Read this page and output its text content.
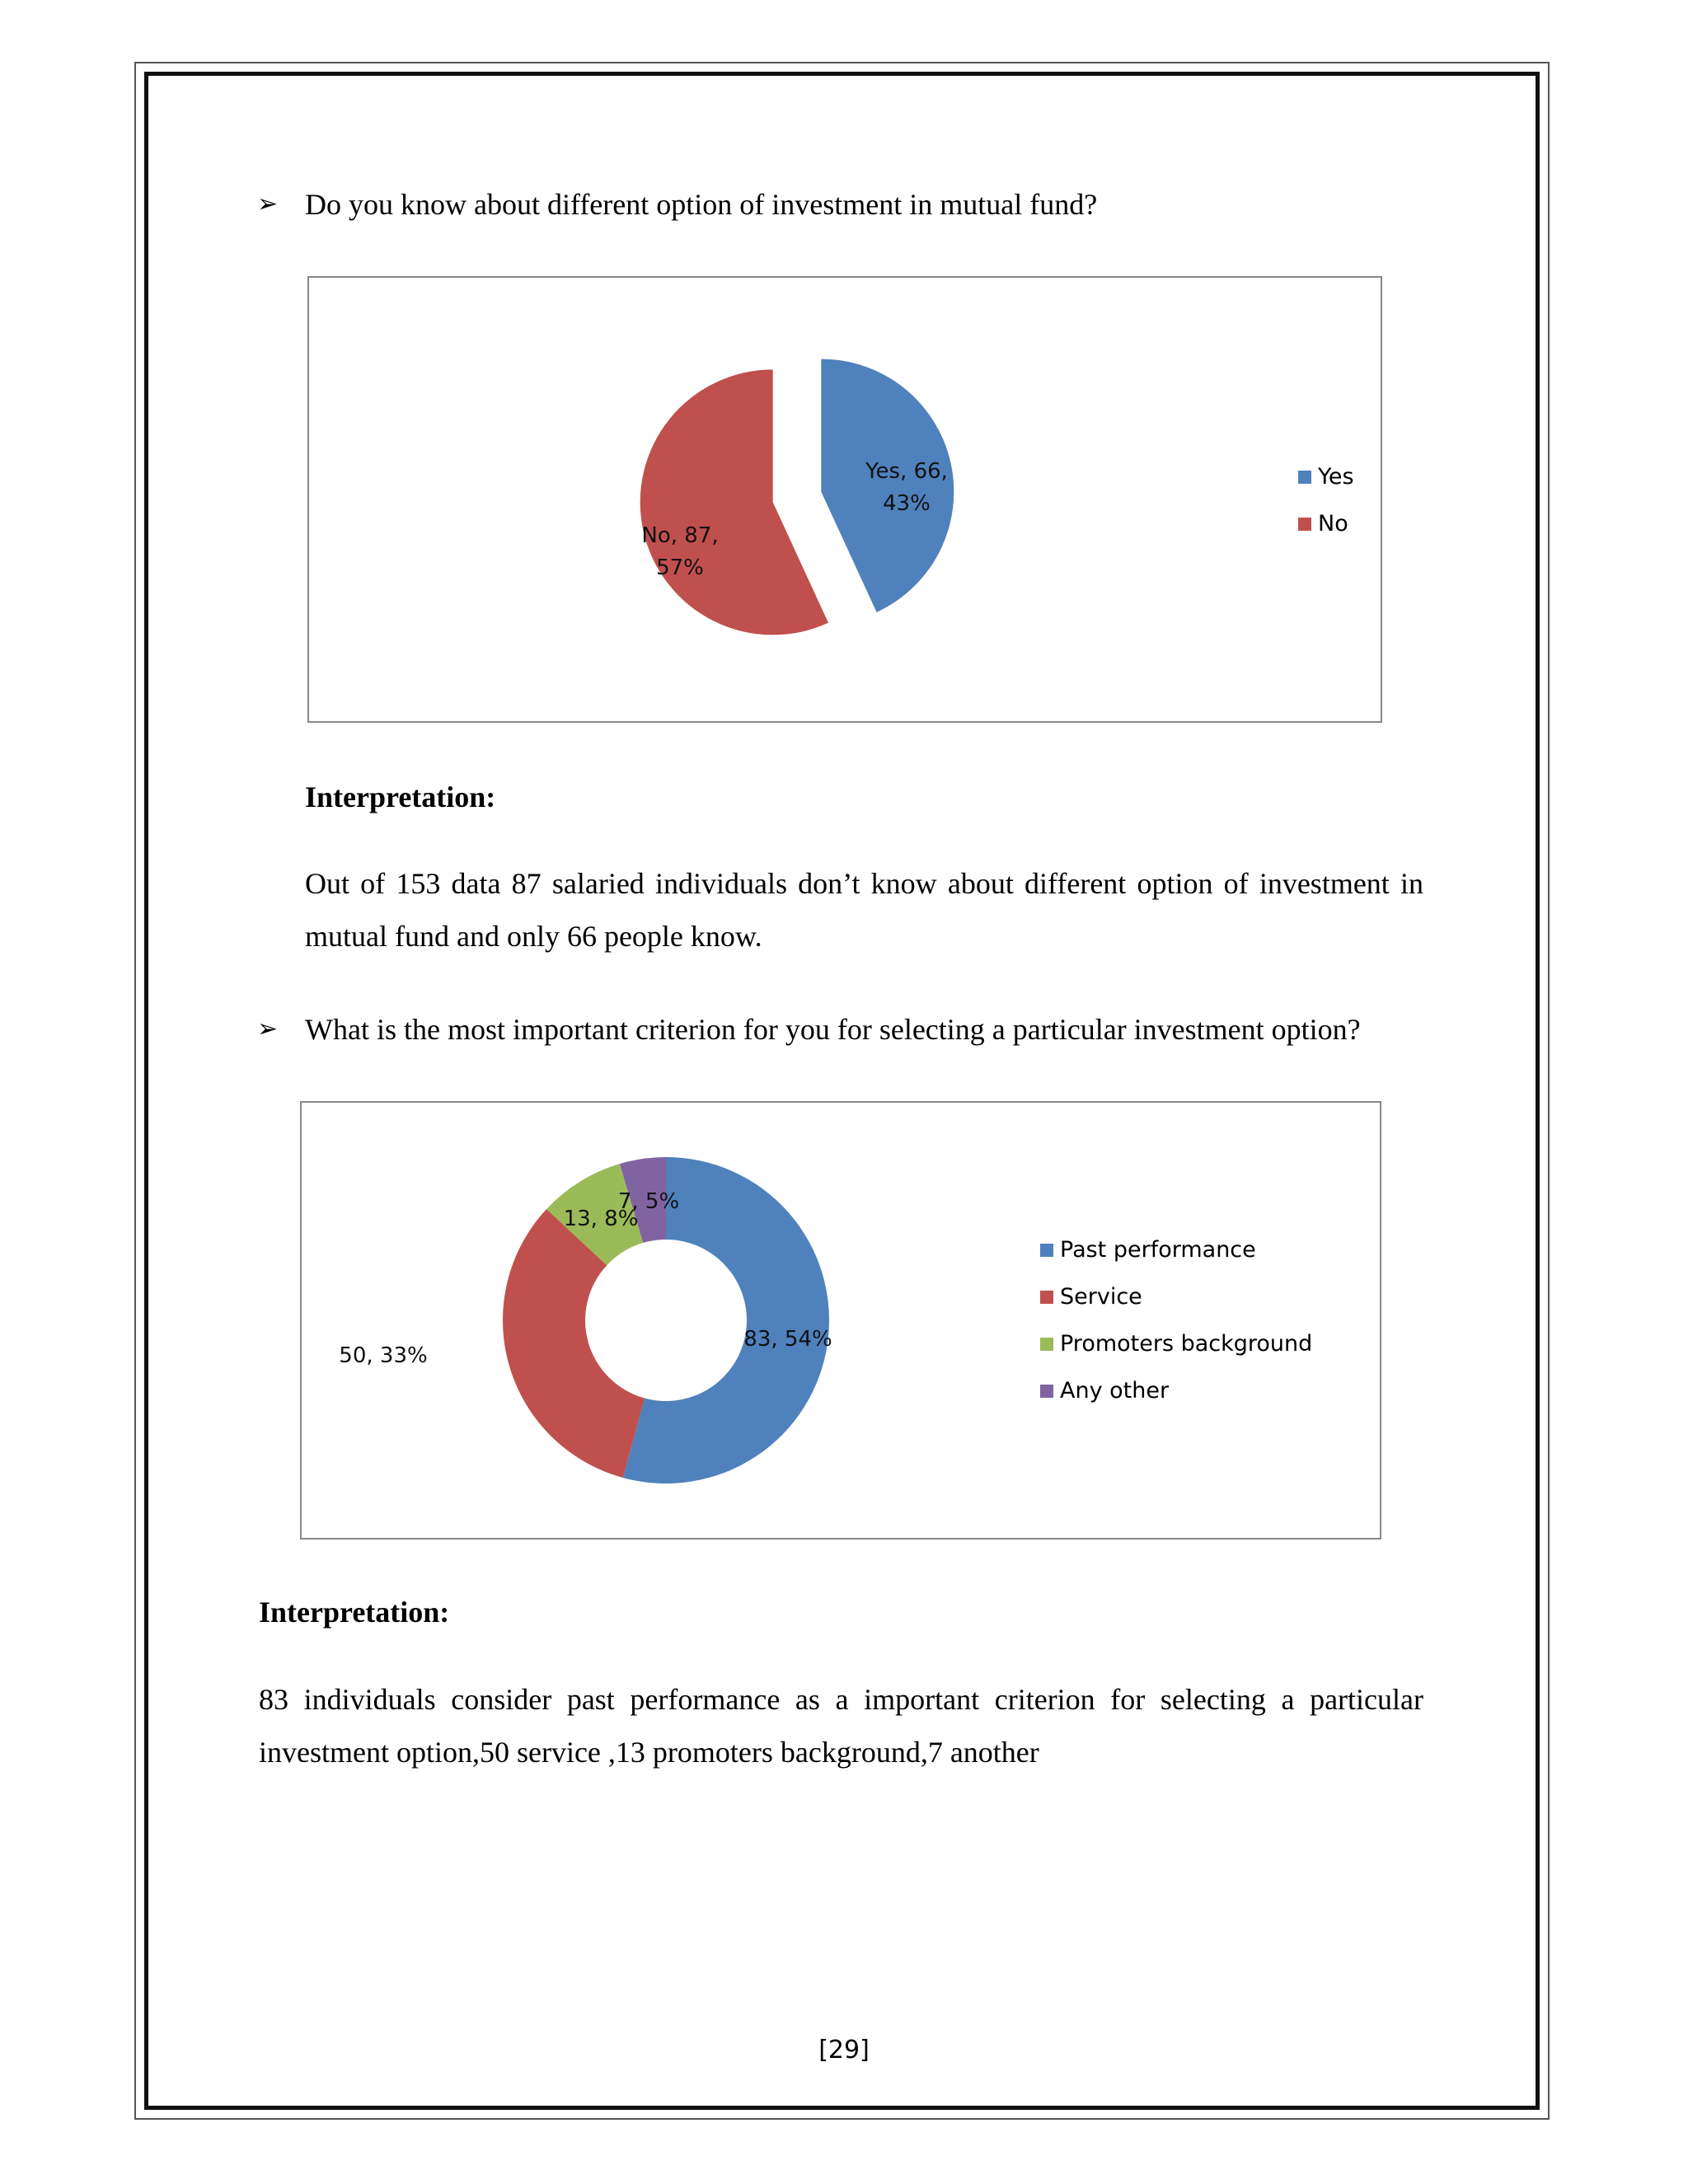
➢ Do you know about different option of investment in mutual fund?
Yes, 66,
43%
No, 87,
57%
Yes
No
Interpretation:
Out of 153 data 87 salaried individuals don’t know about different option of investment in mutual fund and only 66 people know.
➢ What is the most important criterion for you for selecting a particular investment option?
83, 54%
50, 33%
13, 8%
7, 5%
Past performance
Service
Promoters background
Any other
Interpretation:
83 individuals consider past performance as a important criterion for selecting a particular investment option,50 service ,13 promoters background,7 another
[29]
